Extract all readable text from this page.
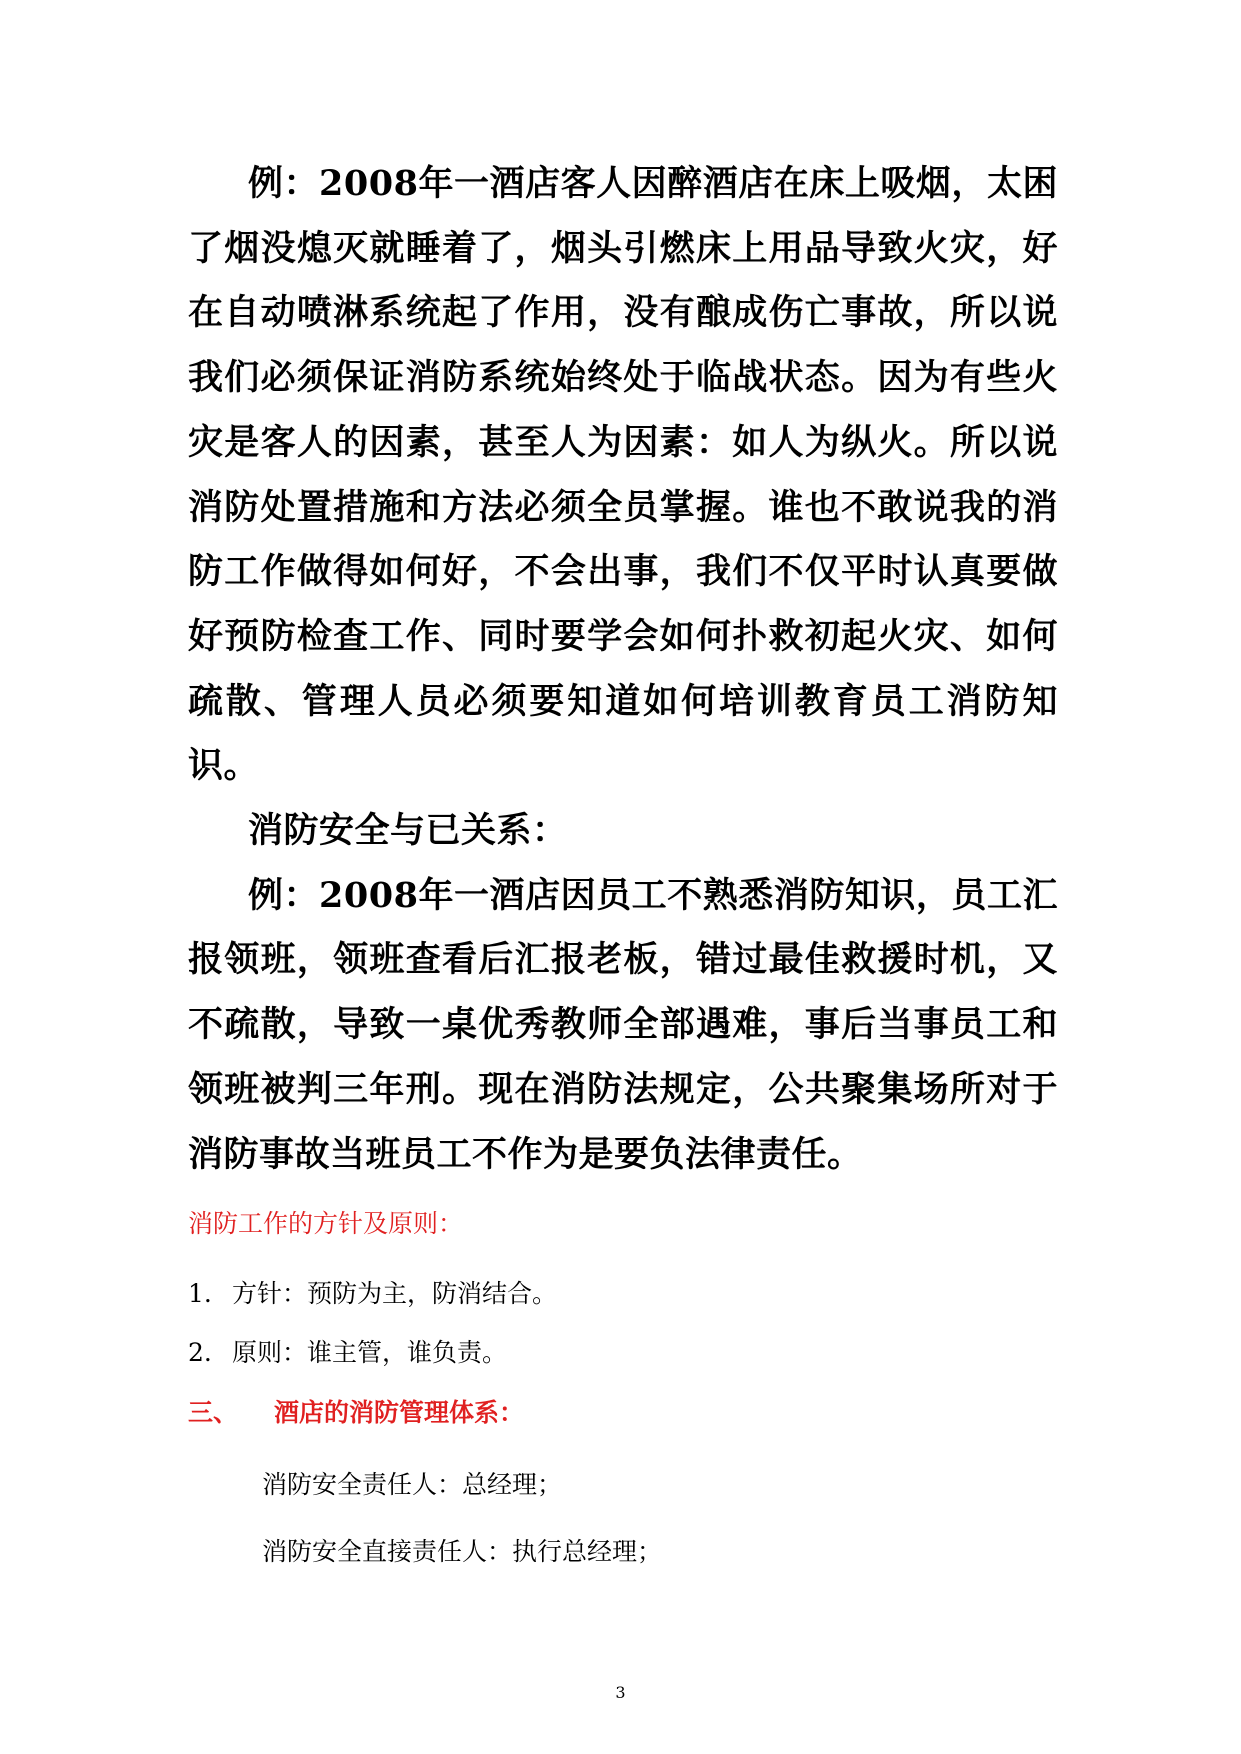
例：2008年一酒店客人因醉酒店在床上吸烟，太困了烟没熄灭就睡着了，烟头引燃床上用品导致火灾，好在自动喷淋系统起了作用，没有酿成伤亡事故，所以说我们必须保证消防系统始终处于临战状态。因为有些火灾是客人的因素，甚至人为因素：如人为纵火。所以说消防处置措施和方法必须全员掌握。谁也不敢说我的消防工作做得如何好，不会出事，我们不仅平时认真要做好预防检查工作、同时要学会如何扑救初起火灾、如何疏散、管理人员必须要知道如何培训教育员工消防知识。

消防安全与已关系：

例：2008年一酒店因员工不熟悉消防知识，员工汇报领班，领班查看后汇报老板，错过最佳救援时机，又不疏散，导致一桌优秀教师全部遇难，事后当事员工和领班被判三年刑。现在消防法规定，公共聚集场所对于消防事故当班员工不作为是要负法律责任。

消防工作的方针及原则：
1. 方针：预防为主，防消结合。
2. 原则：谁主管，谁负责。
三、 酒店的消防管理体系：
消防安全责任人：总经理；
消防安全直接责任人：执行总经理；
3
